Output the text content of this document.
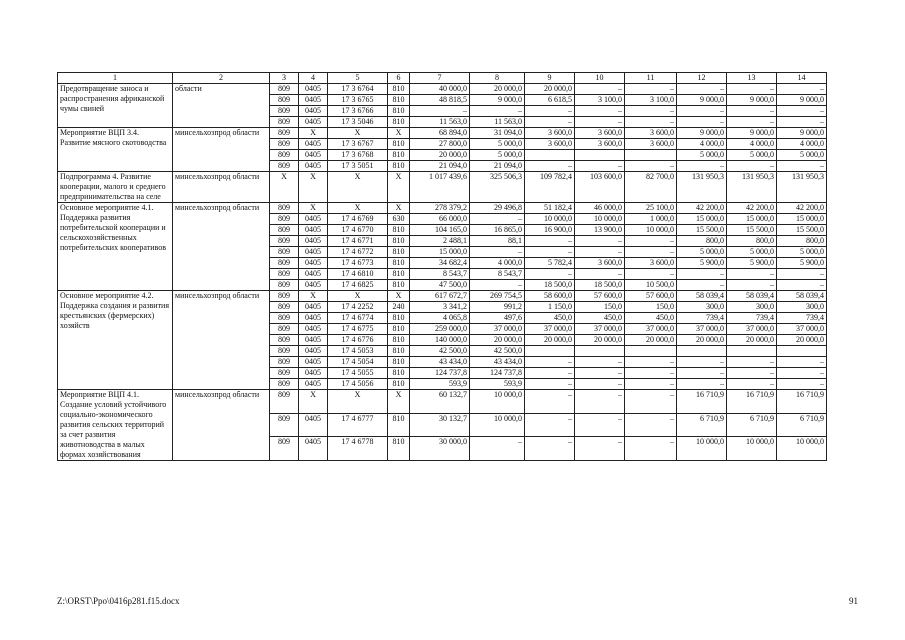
1	2	3	4	5	6	7	8	9	10	11	12	13	14
Предотвращение заноса и распространения африканской чумы свиней	области	809	0405	17 3 6764	810	40 000,0	20 000,0	20 000,0	–	–	–	–	–
		809	0405	17 3 6765	810	48 818,5	9 000,0	6 618,5	3 100,0	3 100,0	9 000,0	9 000,0	9 000,0
		809	0405	17 3 6766	810	–	–	–	–	–	–	–	–
		809	0405	17 3 5046	810	11 563,0	11 563,0	–	–	–	–	–	–
Мероприятие ВЦП 3.4. Развитие мясного скотоводства	минсельхозпрод области	809	X	X	X	68 894,0	31 094,0	3 600,0	3 600,0	3 600,0	9 000,0	9 000,0	9 000,0
		809	0405	17 3 6767	810	27 800,0	5 000,0	3 600,0	3 600,0	3 600,0	4 000,0	4 000,0	4 000,0
		809	0405	17 3 6768	810	20 000,0	5 000,0				5 000,0	5 000,0	5 000,0
		809	0405	17 3 5051	810	21 094,0	21 094,0	–	–	–	–	–	–
Подпрограмма 4. Развитие кооперации, малого и среднего предпринимательства на селе	минсельхозпрод области	X	X	X	X	1 017 439,6	325 506,3	109 782,4	103 600,0	82 700,0	131 950,3	131 950,3	131 950,3
Основное мероприятие 4.1. Поддержка развития потребительской кооперации и сельскохозяйственных потребительских кооперативов	минсельхозпрод области	809	X	X	X	278 379,2	29 496,8	51 182,4	46 000,0	25 100,0	42 200,0	42 200,0	42 200,0
		809	0405	17 4 6769	630	66 000,0	–	10 000,0	10 000,0	1 000,0	15 000,0	15 000,0	15 000,0
		809	0405	17 4 6770	810	104 165,0	16 865,0	16 900,0	13 900,0	10 000,0	15 500,0	15 500,0	15 500,0
		809	0405	17 4 6771	810	2 488,1	88,1	–	–	–	800,0	800,0	800,0
		809	0405	17 4 6772	810	15 000,0	–	–	–	–	5 000,0	5 000,0	5 000,0
		809	0405	17 4 6773	810	34 682,4	4 000,0	5 782,4	3 600,0	3 600,0	5 900,0	5 900,0	5 900,0
		809	0405	17 4 6810	810	8 543,7	8 543,7	–	–	–	–	–	–
		809	0405	17 4 6825	810	47 500,0	–	18 500,0	18 500,0	10 500,0	–	–	–
Основное мероприятие 4.2. Поддержка создания и развития крестьянских (фермерских) хозяйств	минсельхозпрод области	809	X	X	X	617 672,7	269 754,5	58 600,0	57 600,0	57 600,0	58 039,4	58 039,4	58 039,4
		809	0405	17 4 2252	240	3 341,2	991,2	1 150,0	150,0	150,0	300,0	300,0	300,0
		809	0405	17 4 6774	810	4 065,8	497,6	450,0	450,0	450,0	739,4	739,4	739,4
		809	0405	17 4 6775	810	259 000,0	37 000,0	37 000,0	37 000,0	37 000,0	37 000,0	37 000,0	37 000,0
		809	0405	17 4 6776	810	140 000,0	20 000,0	20 000,0	20 000,0	20 000,0	20 000,0	20 000,0	20 000,0
		809	0405	17 4 5053	810	42 500,0	42 500,0						
		809	0405	17 4 5054	810	43 434,0	43 434,0	–	–	–	–	–	–
		809	0405	17 4 5055	810	124 737,8	124 737,8	–	–	–	–	–	–
		809	0405	17 4 5056	810	593,9	593,9	–	–	–	–	–	–
Мероприятие ВЦП 4.1. Создание условий устойчивого социально-экономического развития сельских территорий за счет развития животноводства в малых формах хозяйствования	минсельхозпрод области	809	X	X	X	60 132,7	10 000,0	–	–	–	16 710,9	16 710,9	16 710,9
		809	0405	17 4 6777	810	30 132,7	10 000,0	–	–	–	6 710,9	6 710,9	6 710,9
		809	0405	17 4 6778	810	30 000,0	–	–	–	–	10 000,0	10 000,0	10 000,0
Z:\ORST\Ppo\0416p281.f15.docx	91
